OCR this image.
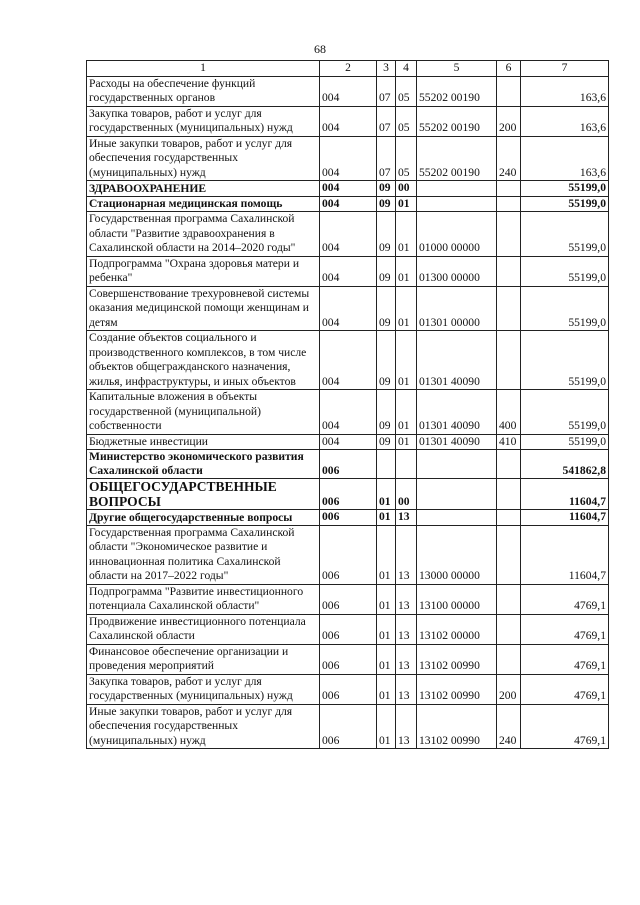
68
1	2	3	4	5	6	7
Расходы на обеспечение функций государственных органов	004	07	05	55202 00190		163,6
Закупка товаров, работ и услуг для государственных (муниципальных) нужд	004	07	05	55202 00190	200	163,6
Иные закупки товаров, работ и услуг для обеспечения государственных (муниципальных) нужд	004	07	05	55202 00190	240	163,6
ЗДРАВООХРАНЕНИЕ	004	09	00			55199,0
Стационарная медицинская помощь	004	09	01			55199,0
Государственная программа Сахалинской области "Развитие здравоохранения в Сахалинской области на 2014–2020 годы"	004	09	01	01000 00000		55199,0
Подпрограмма "Охрана здоровья матери и ребенка"	004	09	01	01300 00000		55199,0
Совершенствование трехуровневой системы оказания медицинской помощи женщинам и детям	004	09	01	01301 00000		55199,0
Создание объектов социального и производственного комплексов, в том числе объектов общегражданского назначения, жилья, инфраструктуры, и иных объектов	004	09	01	01301 40090		55199,0
Капитальные вложения в объекты государственной (муниципальной) собственности	004	09	01	01301 40090	400	55199,0
Бюджетные инвестиции	004	09	01	01301 40090	410	55199,0
Министерство экономического развития Сахалинской области	006					541862,8
ОБЩЕГОСУДАРСТВЕННЫЕ ВОПРОСЫ	006	01	00			11604,7
Другие общегосударственные вопросы	006	01	13			11604,7
Государственная программа Сахалинской области "Экономическое развитие и инновационная политика Сахалинской области на 2017–2022 годы"	006	01	13	13000 00000		11604,7
Подпрограмма "Развитие инвестиционного потенциала Сахалинской области"	006	01	13	13100 00000		4769,1
Продвижение инвестиционного потенциала Сахалинской области	006	01	13	13102 00000		4769,1
Финансовое обеспечение организации и проведения мероприятий	006	01	13	13102 00990		4769,1
Закупка товаров, работ и услуг для государственных (муниципальных) нужд	006	01	13	13102 00990	200	4769,1
Иные закупки товаров, работ и услуг для обеспечения государственных (муниципальных) нужд	006	01	13	13102 00990	240	4769,1
